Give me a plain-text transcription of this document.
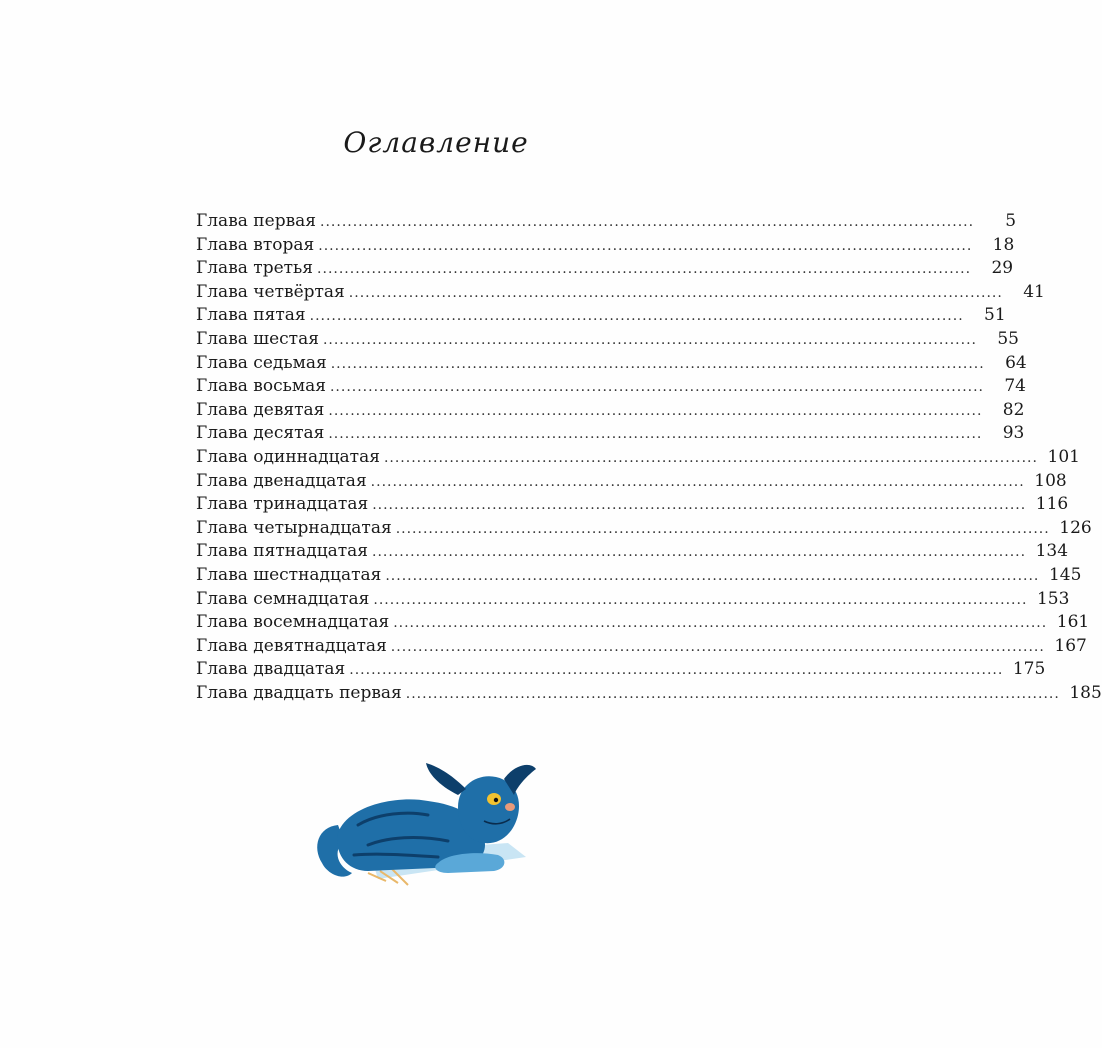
Оглавление
Глава первая ........................................................................................................................	5
Глава вторая ........................................................................................................................	18
Глава третья ........................................................................................................................	29
Глава четвёртая ........................................................................................................................	41
Глава пятая ........................................................................................................................	51
Глава шестая ........................................................................................................................	55
Глава седьмая ........................................................................................................................	64
Глава восьмая ........................................................................................................................	74
Глава девятая ........................................................................................................................	82
Глава десятая ........................................................................................................................	93
Глава одиннадцатая ........................................................................................................................ 101
Глава двенадцатая ........................................................................................................................ 108
Глава тринадцатая ........................................................................................................................ 116
Глава четырнадцатая ........................................................................................................................ 126
Глава пятнадцатая ........................................................................................................................ 134
Глава шестнадцатая ........................................................................................................................ 145
Глава семнадцатая ........................................................................................................................ 153
Глава восемнадцатая ........................................................................................................................ 161
Глава девятнадцатая ........................................................................................................................ 167
Глава двадцатая ........................................................................................................................ 175
Глава двадцать первая ........................................................................................................................ 185
